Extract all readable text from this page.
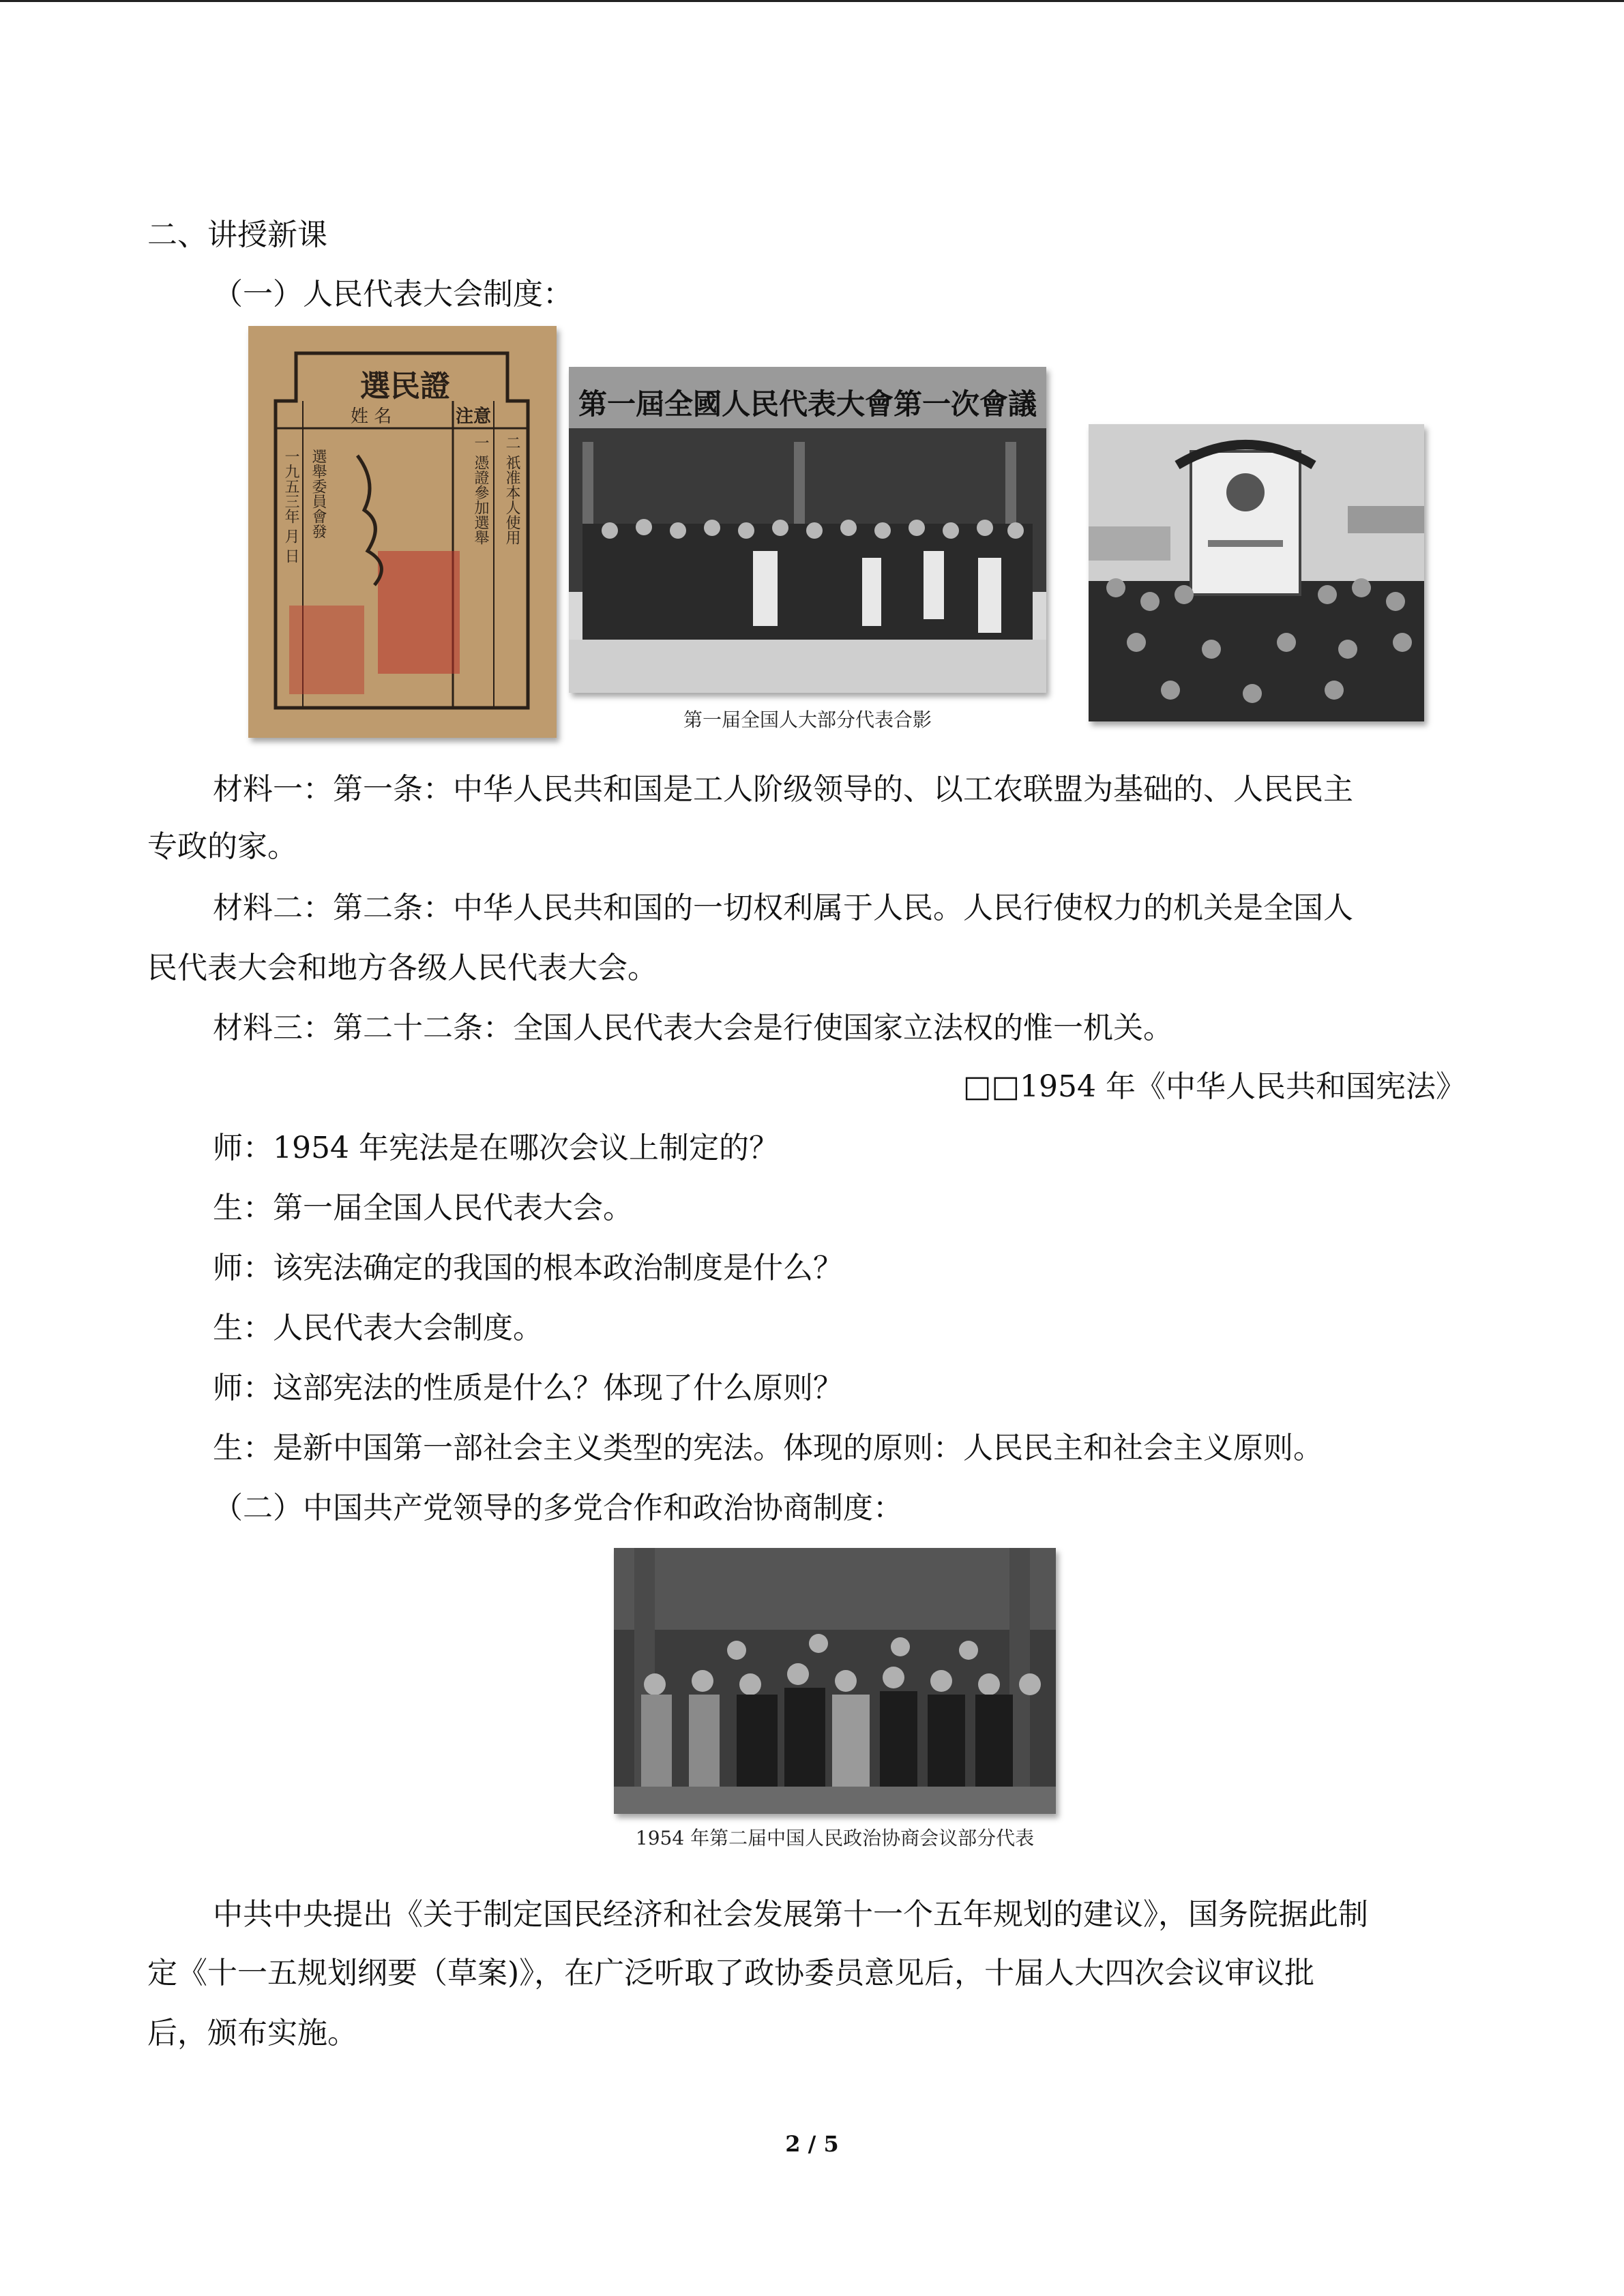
二、讲授新课
（一）人民代表大会制度：
選民證
姓 名	注意
一 憑證參加選舉 二 祇准本人使用
選舉委員會發
一九五三年 月 日
第一屆全國人民代表大會第一次會議
第一届全国人大部分代表合影
材料一：第一条：中华人民共和国是工人阶级领导的、以工农联盟为基础的、人民民主
专政的家。
材料二：第二条：中华人民共和国的一切权利属于人民。人民行使权力的机关是全国人
民代表大会和地方各级人民代表大会。
材料三：第二十二条：全国人民代表大会是行使国家立法权的惟一机关。
□□1954 年《中华人民共和国宪法》
师：1954 年宪法是在哪次会议上制定的？
生：第一届全国人民代表大会。
师：该宪法确定的我国的根本政治制度是什么？
生：人民代表大会制度。
师：这部宪法的性质是什么？体现了什么原则？
生：是新中国第一部社会主义类型的宪法。体现的原则：人民民主和社会主义原则。
（二）中国共产党领导的多党合作和政治协商制度：
1954 年第二届中国人民政治协商会议部分代表
中共中央提出《关于制定国民经济和社会发展第十一个五年规划的建议》，国务院据此制
定《十一五规划纲要（草案)》，在广泛听取了政协委员意见后，十届人大四次会议审议批
后，颁布实施。
2 / 5
